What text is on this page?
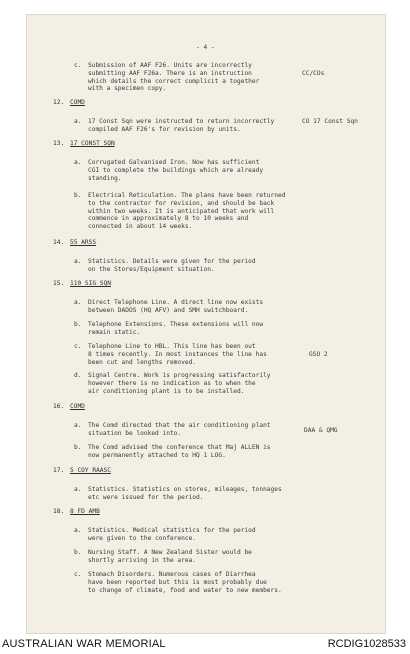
- 4 -
c. Submission of AAF F26. Units are incorrectly
submitting AAF F26a. There is an instruction
which details the correct complicit a together
with a specimen copy.
CC/COs
12. COMD
a. 17 Const Sqn were instructed to return incorrectly
compiled AAF F26's for revision by units.
CO 17 Const Sqn
13. 17 CONST SQN
a. Corrugated Galvanised Iron. Now has sufficient
CGI to complete the buildings which are already
standing.
b. Electrical Reticulation. The plans have been returned
to the contractor for revision, and should be back
within two weeks. It is anticipated that work will
commence in approximately 8 to 10 weeks and
connected in about 14 weeks.
14. 55 ARSS
a. Statistics. Details were given for the period
on the Stores/Equipment situation.
15. 110 SIG SQN
a. Direct Telephone Line. A direct line now exists
between DADOS (HQ AFV) and SMH switchboard.
b. Telephone Extensions. These extensions will now
remain static.
c. Telephone Line to HBL. This line has been out
8 times recently. In most instances the line has
been cut and lengths removed.
GSO 2
d. Signal Centre. Work is progressing satisfactorily
however there is no indication as to when the
air conditioning plant is to be installed.
16. COMD
a. The Comd directed that the air conditioning plant
situation be looked into.	DAA & QMG
b. The Comd advised the conference that Maj ALLEN is
now permanently attached to HQ 1 LOG.
17. 5 COY RAASC
a. Statistics. Statistics on stores, mileages, tonnages
etc were issued for the period.
18. 8 FD AMB
a. Statistics. Medical statistics for the period
were given to the conference.
b. Nursing Staff. A New Zealand Sister would be
shortly arriving in the area.
c. Stomach Disorders. Numerous cases of Diarrhea
have been reported but this is most probably due
to change of climate, food and water to new members.
AUSTRALIAN WAR MEMORIAL	RCDIG1028533
